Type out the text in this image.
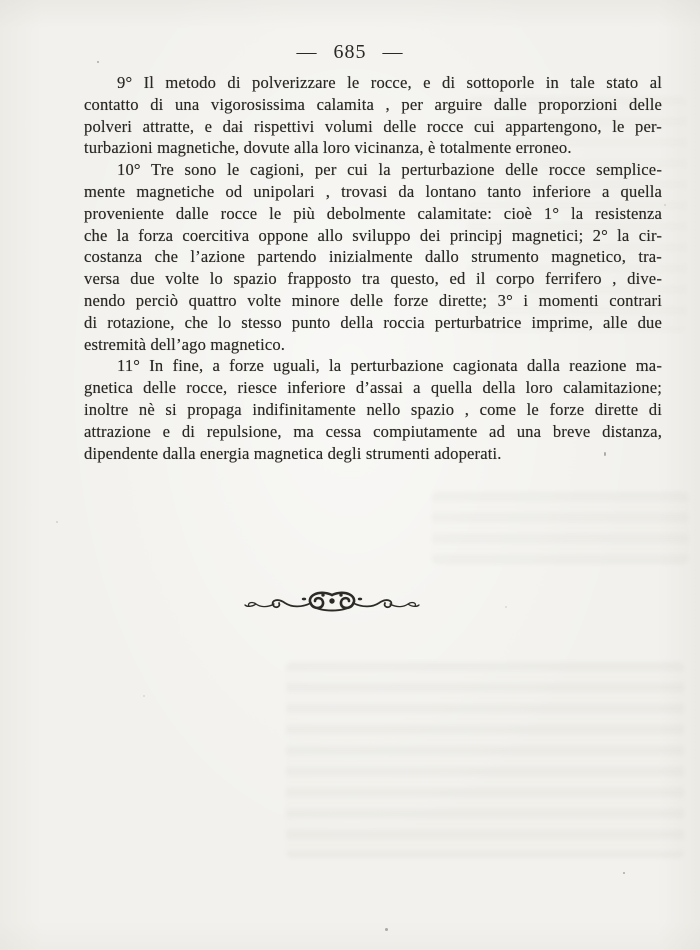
— 685 —
9° Il metodo di polverizzare le rocce, e di sottoporle in tale stato al
contatto di una vigorosissima calamita , per arguire dalle proporzioni delle
polveri attratte, e dai rispettivi volumi delle rocce cui appartengono, le per-
turbazioni magnetiche, dovute alla loro vicinanza, è totalmente erroneo.
10° Tre sono le cagioni, per cui la perturbazione delle rocce semplice-
mente magnetiche od unipolari , trovasi da lontano tanto inferiore a quella
proveniente dalle rocce le più debolmente calamitate: cioè 1° la resistenza
che la forza coercitiva oppone allo sviluppo dei principj magnetici; 2° la cir-
costanza che l’azione partendo inizialmente dallo strumento magnetico, tra-
versa due volte lo spazio frapposto tra questo, ed il corpo ferrifero , dive-
nendo perciò quattro volte minore delle forze dirette; 3° i momenti contrari
di rotazione, che lo stesso punto della roccia perturbatrice imprime, alle due
estremità dell’ago magnetico.
11° In fine, a forze uguali, la perturbazione cagionata dalla reazione ma-
gnetica delle rocce, riesce inferiore d’assai a quella della loro calamitazione;
inoltre nè si propaga indifinitamente nello spazio , come le forze dirette di
attrazione e di repulsione, ma cessa compiutamente ad una breve distanza,
dipendente dalla energia magnetica degli strumenti adoperati.
